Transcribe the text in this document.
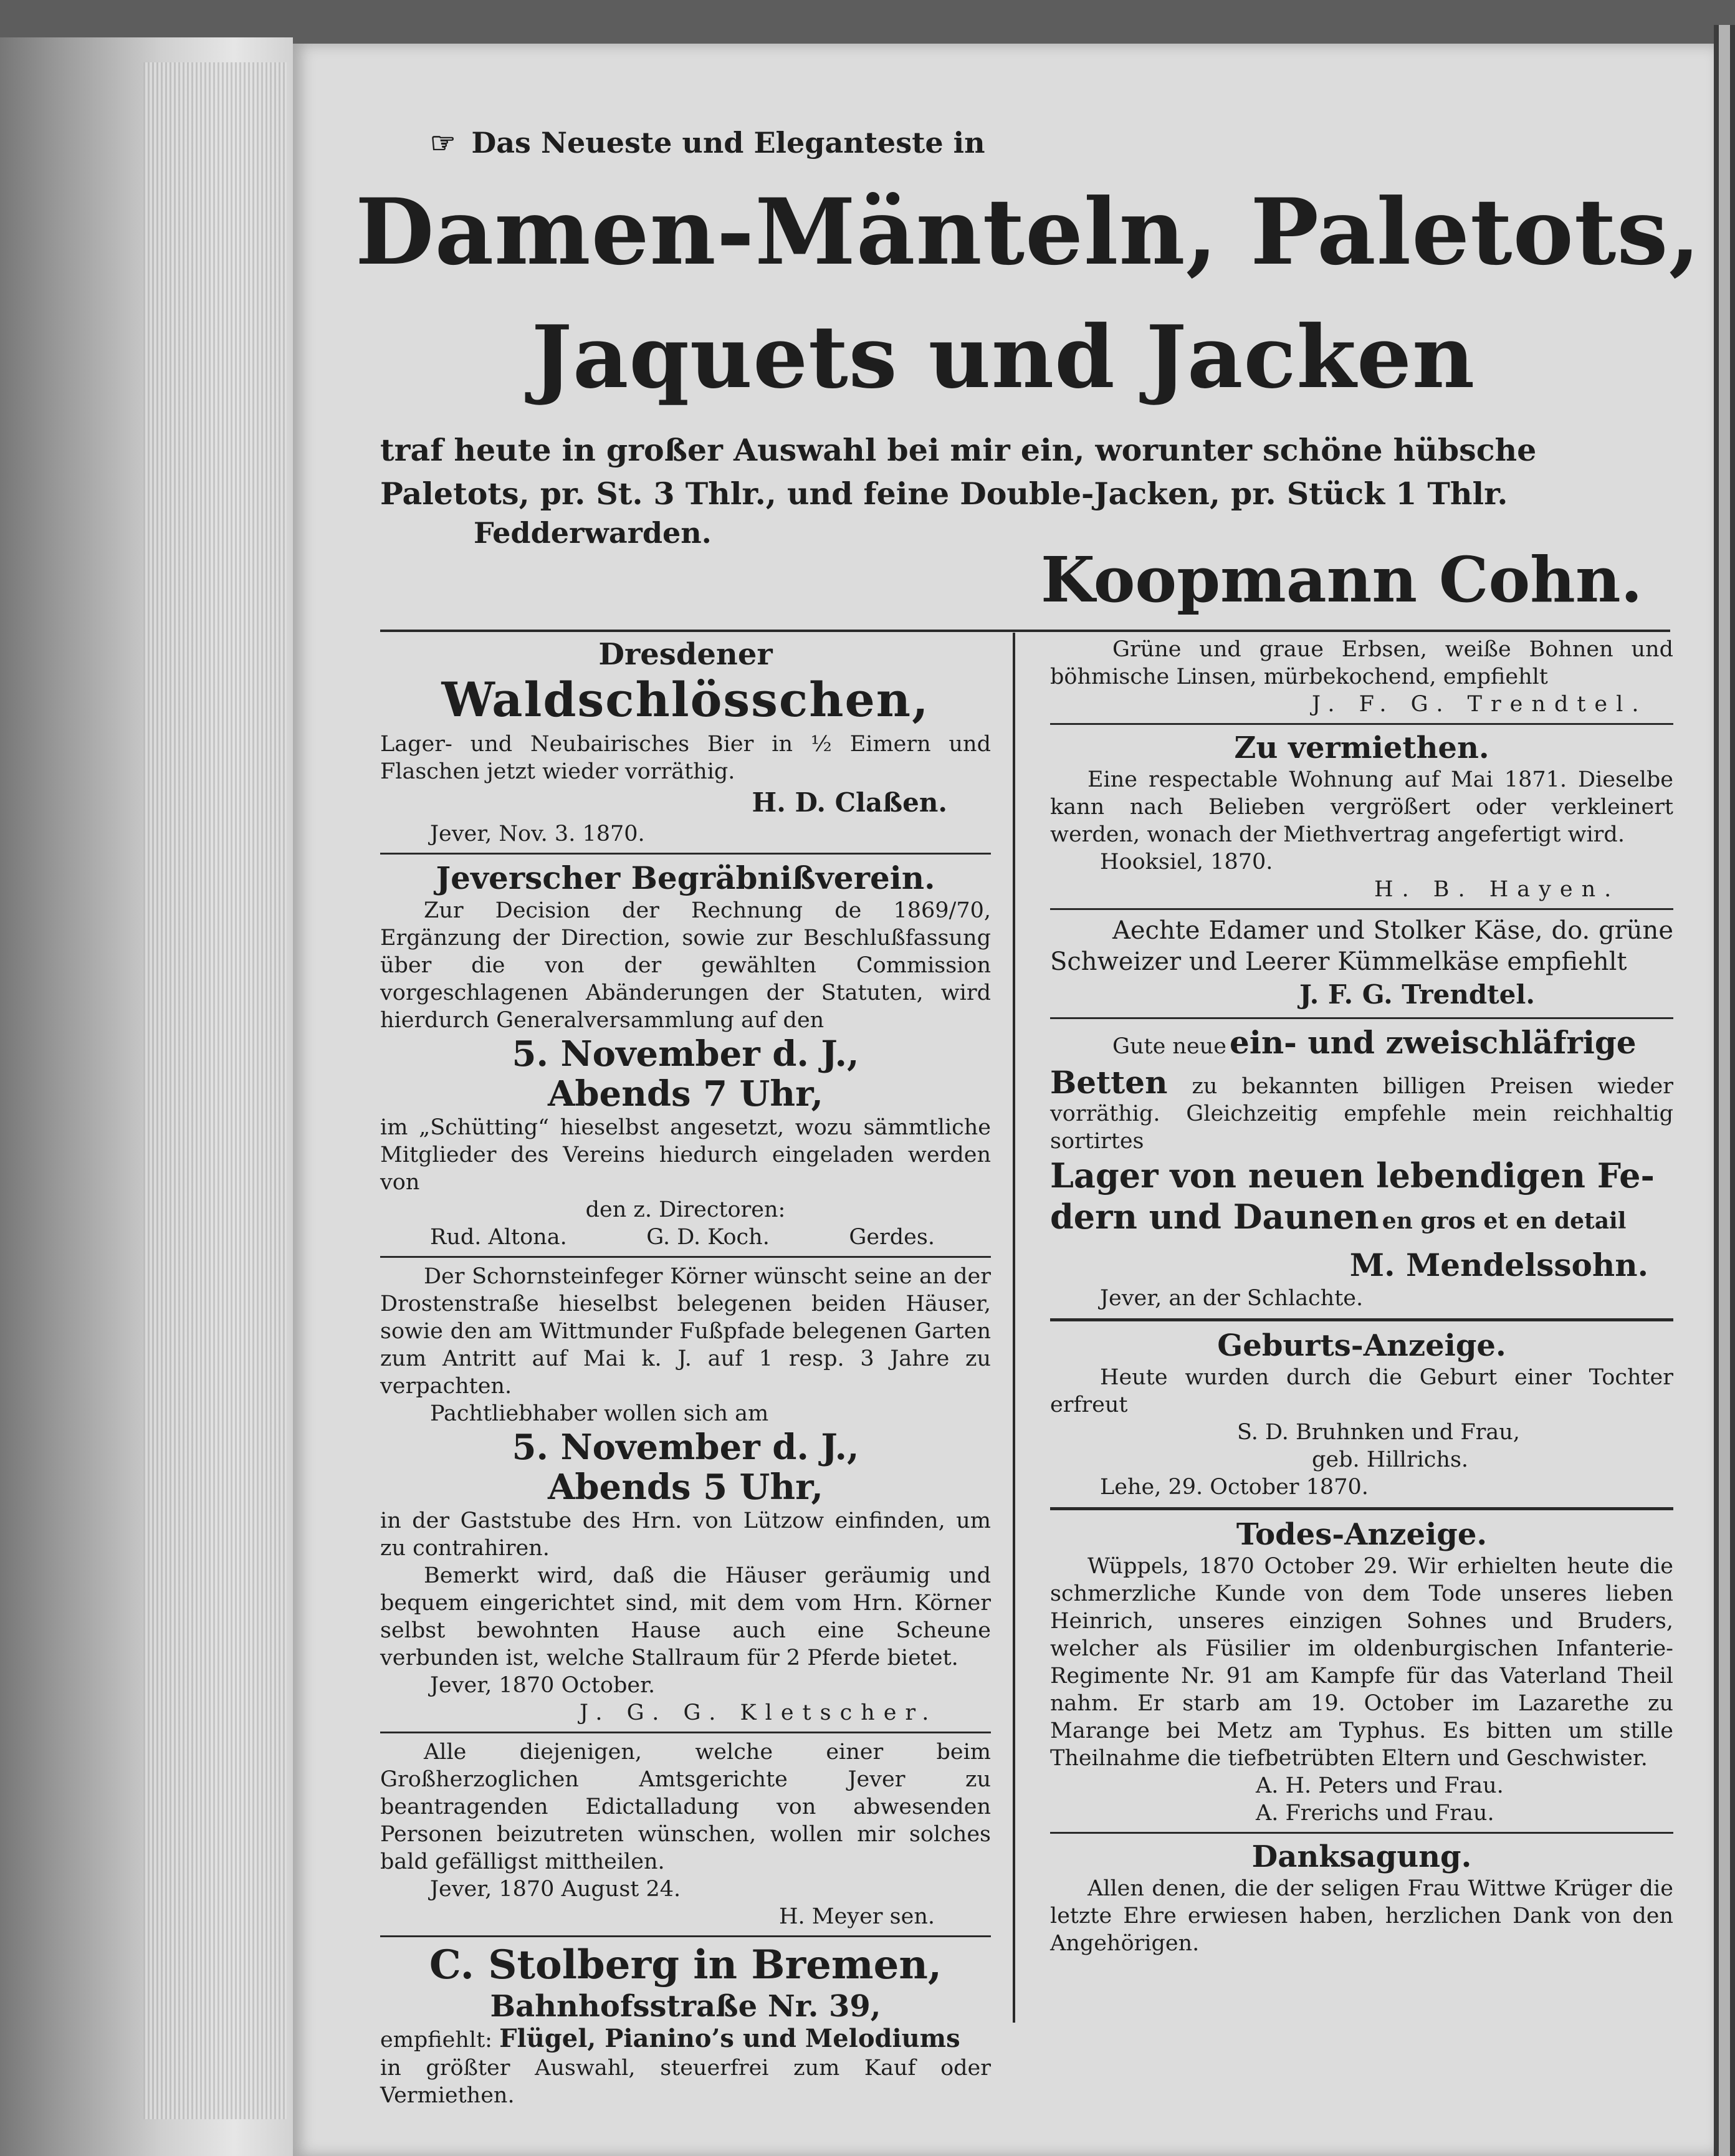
☞ Das Neueste und Eleganteste in
Damen-Mänteln, Paletots,
Jaquets und Jacken
traf heute in großer Auswahl bei mir ein, worunter schöne hübsche
Paletots, pr. St. 3 Thlr., und feine Double-Jacken, pr. Stück 1 Thlr.
Fedderwarden.
Koopmann Cohn.
Dresdener
Waldschlösschen,
Lager- und Neubairisches Bier in ½ Eimern und Flaschen jetzt wieder vorräthig.
H. D. Claßen.
Jever, Nov. 3. 1870.
Jeverscher Begräbnißverein.
Zur Decision der Rechnung de 1869/70, Ergänzung der Direction, sowie zur Beschlußfassung über die von der gewählten Commission vorgeschlagenen Abänderungen der Statuten, wird hierdurch Generalversammlung auf den
5. November d. J.,
Abends 7 Uhr,
im „Schütting“ hieselbst angesetzt, wozu sämmtliche Mitglieder des Vereins hiedurch eingeladen werden von
den z. Directoren:
Rud. Altona.	G. D. Koch.	Gerdes.
Der Schornsteinfeger Körner wünscht seine an der Drostenstraße hieselbst belegenen beiden Häuser, sowie den am Wittmunder Fußpfade belegenen Garten zum Antritt auf Mai k. J. auf 1 resp. 3 Jahre zu verpachten.
Pachtliebhaber wollen sich am
5. November d. J.,
Abends 5 Uhr,
in der Gaststube des Hrn. von Lützow einfinden, um zu contrahiren.
Bemerkt wird, daß die Häuser geräumig und bequem eingerichtet sind, mit dem vom Hrn. Körner selbst bewohnten Hause auch eine Scheune verbunden ist, welche Stallraum für 2 Pferde bietet.
Jever, 1870 October.
J. G. G. Kletscher.
Alle diejenigen, welche einer beim Großherzoglichen Amtsgerichte Jever zu beantragenden Edictalladung von abwesenden Personen beizutreten wünschen, wollen mir solches bald gefälligst mittheilen.
Jever, 1870 August 24.
H. Meyer sen.
C. Stolberg in Bremen,
Bahnhofsstraße Nr. 39,
empfiehlt: Flügel, Pianino’s und Melodiums
in größter Auswahl, steuerfrei zum Kauf oder Vermiethen.
Grüne und graue Erbsen, weiße Bohnen und böhmische Linsen, mürbekochend, empfiehlt
J. F. G. Trendtel.
Zu vermiethen.
Eine respectable Wohnung auf Mai 1871. Dieselbe kann nach Belieben vergrößert oder verkleinert werden, wonach der Miethvertrag angefertigt wird.
Hooksiel, 1870.
H. B. Hayen.
Aechte Edamer und Stolker Käse, do. grüne Schweizer und Leerer Kümmelkäse empfiehlt
J. F. G. Trendtel.
Gute neue ein- und zweischläfrige
Betten zu bekannten billigen Preisen wieder vorräthig. Gleichzeitig empfehle mein reichhaltig sortirtes
Lager von neuen lebendigen Fe-
dern und Daunen en gros et en detail
M. Mendelssohn.
Jever, an der Schlachte.
Geburts-Anzeige.
Heute wurden durch die Geburt einer Tochter erfreut
S. D. Bruhnken und Frau,
geb. Hillrichs.
Lehe, 29. October 1870.
Todes-Anzeige.
Wüppels, 1870 October 29. Wir erhielten heute die schmerzliche Kunde von dem Tode unseres lieben Heinrich, unseres einzigen Sohnes und Bruders, welcher als Füsilier im oldenburgischen Infanterie-Regimente Nr. 91 am Kampfe für das Vaterland Theil nahm. Er starb am 19. October im Lazarethe zu Marange bei Metz am Typhus. Es bitten um stille Theilnahme die tiefbetrübten Eltern und Geschwister.
A. H. Peters und Frau.
A. Frerichs und Frau.
Danksagung.
Allen denen, die der seligen Frau Wittwe Krüger die letzte Ehre erwiesen haben, herzlichen Dank von den Angehörigen.
